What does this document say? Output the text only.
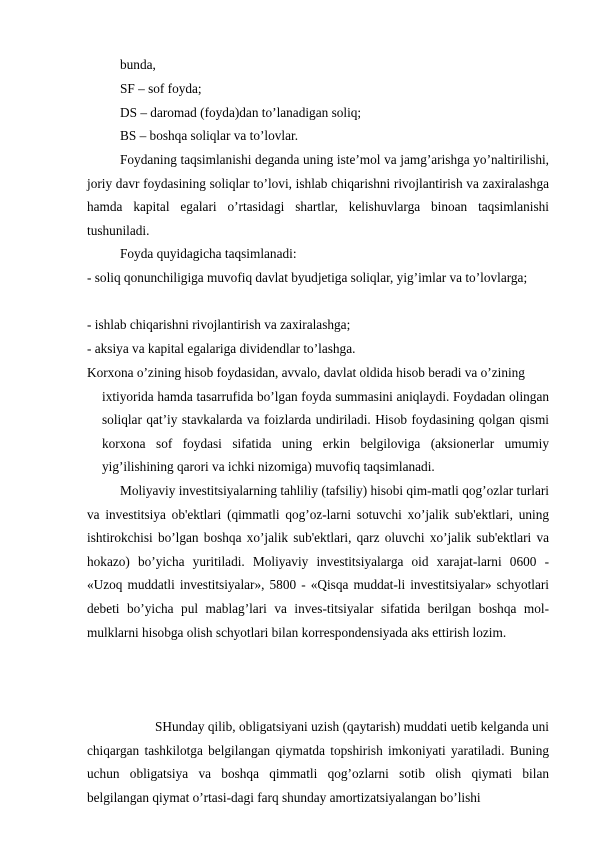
bunda,
SF – sof foyda;
DS – daromad (foyda)dan to’lanadigan soliq;
BS – boshqa soliqlar va to’lovlar.

Foydaning taqsimlanishi deganda uning iste’mol va jamg’arishga yo’naltirilishi, joriy davr foydasining soliqlar to’lovi, ishlab chiqarishni rivojlantirish va zaxiralashga hamda kapital egalari o’rtasidagi shartlar, kelishuvlarga binoan taqsimlanishi tushuniladi.

Foyda quyidagicha taqsimlanadi:

- soliq qonunchiligiga muvofiq davlat byudjetiga soliqlar, yig’imlar va to’lovlarga;

- ishlab chiqarishni rivojlantirish va zaxiralashga;
- aksiya va kapital egalariga dividendlar to’lashga.
Korxona o’zining hisob foydasidan, avvalo, davlat oldida hisob beradi va o’zining
ixtiyorida hamda tasarrufida bo’lgan foyda summasini aniqlaydi. Foydadan olingan soliqlar qat’iy stavkalarda va foizlarda undiriladi. Hisob foydasining qolgan qismi korxona sof foydasi sifatida uning erkin belgiloviga (aksionerlar umumiy yig’ilishining qarori va ichki nizomiga) muvofiq taqsimlanadi.

Moliyaviy investitsiyalarning tahliliy (tafsiliy) hisobi qim-matli qog’ozlar turlari va investitsiya ob'ektlari (qimmatli qog’oz-larni sotuvchi xo’jalik sub'ektlari, uning ishtirokchisi bo’lgan boshqa xo’jalik sub'ektlari, qarz oluvchi xo’jalik sub'ektlari va hokazo) bo’yicha yuritiladi. Moliyaviy investitsiyalarga oid xarajat-larni 0600 - «Uzoq muddatli investitsiyalar», 5800 - «Qisqa muddat-li investitsiyalar» schyotlari debeti bo’yicha pul mablag’lari va inves-titsiyalar sifatida berilgan boshqa mol-mulklarni hisobga olish schyotlari bilan korrespondensiyada aks ettirish lozim.

SHunday qilib, obligatsiyani uzish (qaytarish) muddati uetib kelganda uni chiqargan tashkilotga belgilangan qiymatda topshirish imkoniyati yaratiladi. Buning uchun obligatsiya va boshqa qimmatli qog’ozlarni sotib olish qiymati bilan belgilangan qiymat o’rtasi-dagi farq shunday amortizatsiyalangan bo’lishi
